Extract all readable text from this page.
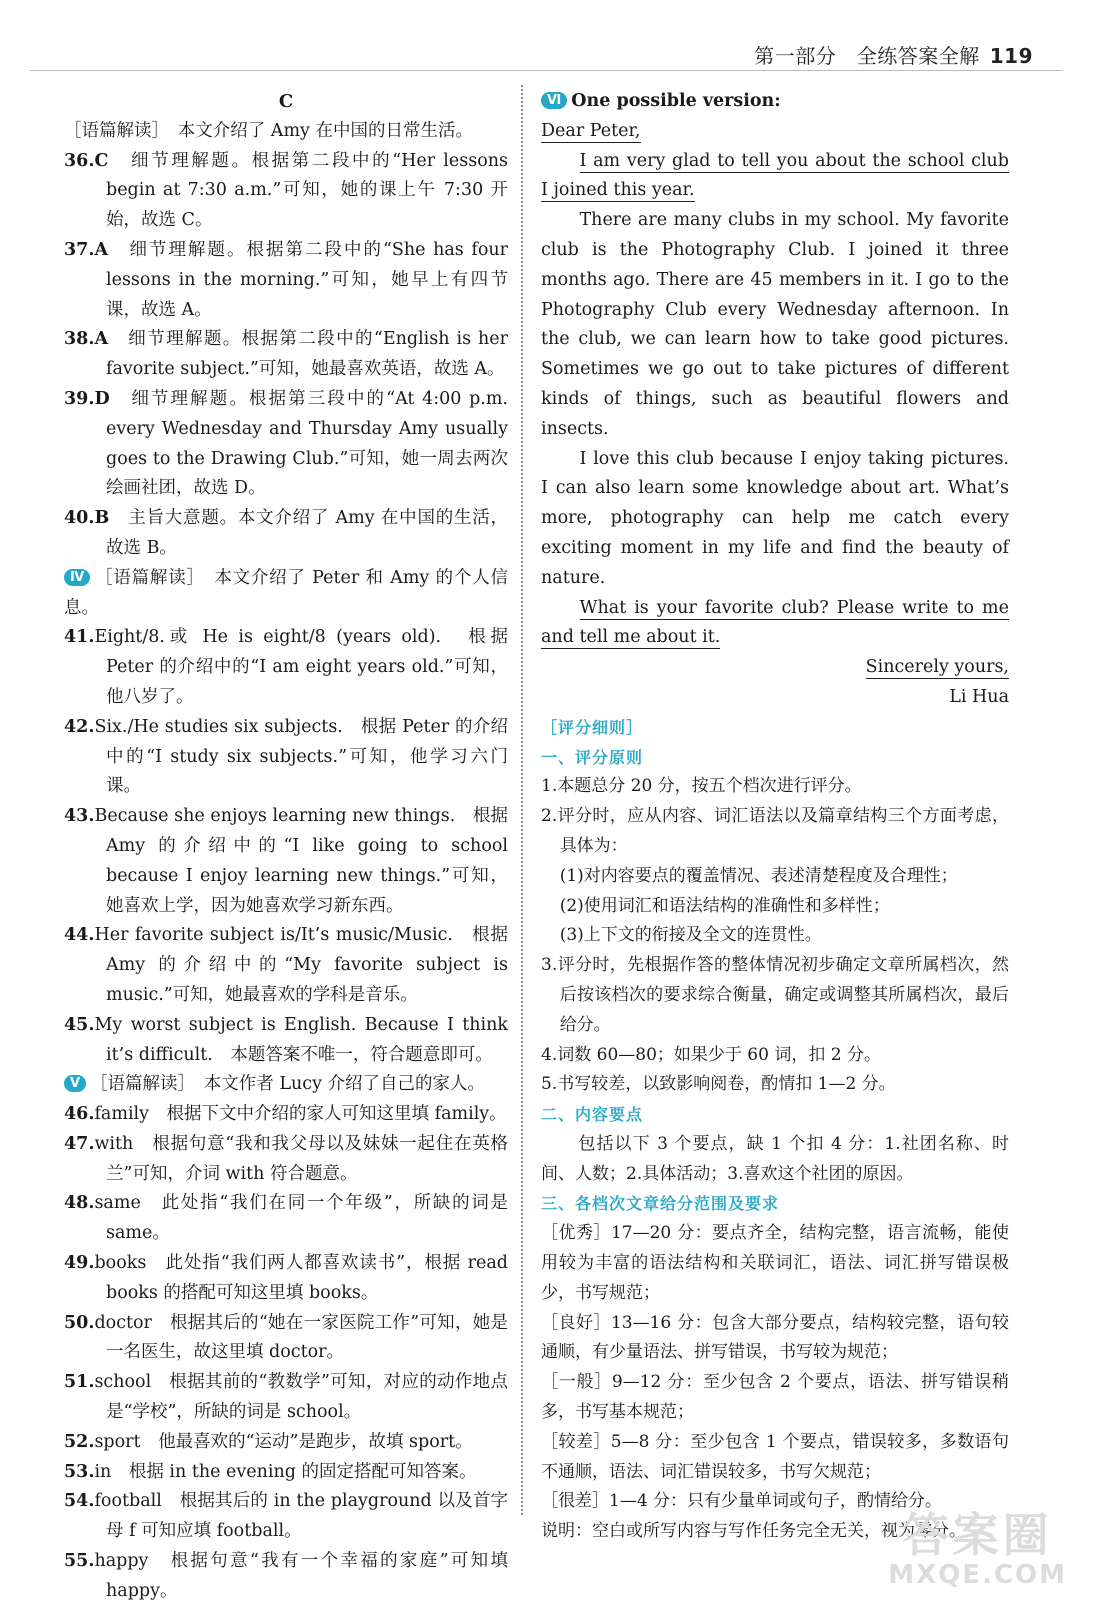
第一部分　全练答案全解 119

C

［语篇解读］　本文介绍了 Amy 在中国的日常生活。

36.C　细节理解题。根据第二段中的“Her lessons begin at 7:30 a.m.”可知，她的课上午 7:30 开始，故选 C。

37.A　细节理解题。根据第二段中的“She has four lessons in the morning.”可知，她早上有四节课，故选 A。

38.A　细节理解题。根据第二段中的“English is her favorite subject.”可知，她最喜欢英语，故选 A。

39.D　细节理解题。根据第三段中的“At 4:00 p.m. every Wednesday and Thursday Amy usually goes to the Drawing Club.”可知，她一周去两次绘画社团，故选 D。

40.B　主旨大意题。本文介绍了 Amy 在中国的生活，故选 B。

Ⅳ ［语篇解读］　本文介绍了 Peter 和 Amy 的个人信息。

41.Eight/8.或 He is eight/8 (years old).　根据 Peter 的介绍中的“I am eight years old.”可知，他八岁了。

42.Six./He studies six subjects.　根据 Peter 的介绍中的“I study six subjects.”可知，他学习六门课。

43.Because she enjoys learning new things.　根据 Amy 的介绍中的“I like going to school because I enjoy learning new things.”可知，她喜欢上学，因为她喜欢学习新东西。

44.Her favorite subject is/It’s music/Music.　根据 Amy 的介绍中的“My favorite subject is music.”可知，她最喜欢的学科是音乐。

45.My worst subject is English. Because I think it’s difficult.　本题答案不唯一，符合题意即可。

Ⅴ ［语篇解读］　本文作者 Lucy 介绍了自己的家人。

46.family　根据下文中介绍的家人可知这里填 family。

47.with　根据句意“我和我父母以及妹妹一起住在英格兰”可知，介词 with 符合题意。

48.same　此处指“我们在同一个年级”，所缺的词是 same。

49.books　此处指“我们两人都喜欢读书”，根据 read books 的搭配可知这里填 books。

50.doctor　根据其后的“她在一家医院工作”可知，她是一名医生，故这里填 doctor。

51.school　根据其前的“教数学”可知，对应的动作地点是“学校”，所缺的词是 school。

52.sport　他最喜欢的“运动”是跑步，故填 sport。

53.in　根据 in the evening 的固定搭配可知答案。

54.football　根据其后的 in the playground 以及首字母 f 可知应填 football。

55.happy　根据句意“我有一个幸福的家庭”可知填 happy。

Ⅵ One possible version:

Dear Peter,

I am very glad to tell you about the school club I joined this year.

There are many clubs in my school. My favorite club is the Photography Club. I joined it three months ago. There are 45 members in it. I go to the Photography Club every Wednesday afternoon. In the club, we can learn how to take good pictures. Sometimes we go out to take pictures of different kinds of things, such as beautiful flowers and insects.

I love this club because I enjoy taking pictures. I can also learn some knowledge about art. What’s more, photography can help me catch every exciting moment in my life and find the beauty of nature.

What is your favorite club? Please write to me and tell me about it.

Sincerely yours,

Li Hua

［评分细则］

一、评分原则

1.本题总分 20 分，按五个档次进行评分。

2.评分时，应从内容、词汇语法以及篇章结构三个方面考虑，具体为：

(1)对内容要点的覆盖情况、表述清楚程度及合理性；

(2)使用词汇和语法结构的准确性和多样性；

(3)上下文的衔接及全文的连贯性。

3.评分时，先根据作答的整体情况初步确定文章所属档次，然后按该档次的要求综合衡量，确定或调整其所属档次，最后给分。

4.词数 60—80；如果少于 60 词，扣 2 分。

5.书写较差，以致影响阅卷，酌情扣 1—2 分。

二、内容要点

包括以下 3 个要点，缺 1 个扣 4 分：1.社团名称、时间、人数；2.具体活动；3.喜欢这个社团的原因。

三、各档次文章给分范围及要求

［优秀］17—20 分：要点齐全，结构完整，语言流畅，能使用较为丰富的语法结构和关联词汇，语法、词汇拼写错误极少，书写规范；

［良好］13—16 分：包含大部分要点，结构较完整，语句较通顺，有少量语法、拼写错误，书写较为规范；

［一般］9—12 分：至少包含 2 个要点，语法、拼写错误稍多，书写基本规范；

［较差］5—8 分：至少包含 1 个要点，错误较多，多数语句不通顺，语法、词汇错误较多，书写欠规范；

［很差］1—4 分：只有少量单词或句子，酌情给分。

说明：空白或所写内容与写作任务完全无关，视为零分。

答案圈
MXQE.COM
